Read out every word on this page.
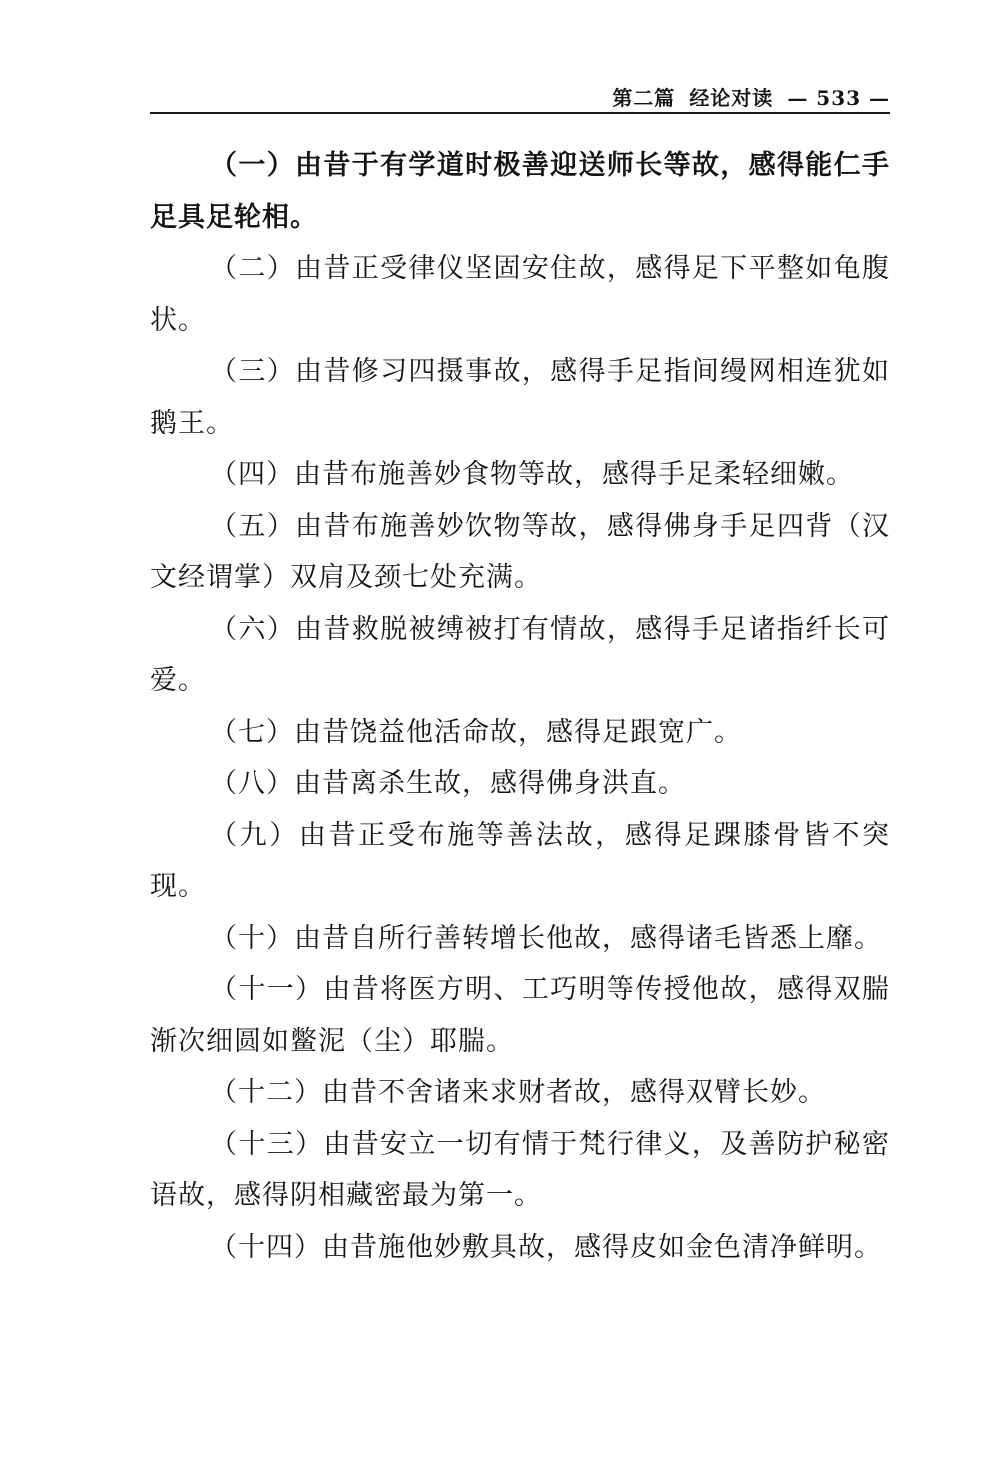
第二篇 经论对读 — 533 —

（一）由昔于有学道时极善迎送师长等故，感得能仁手足具足轮相。

（二）由昔正受律仪坚固安住故，感得足下平整如龟腹状。

（三）由昔修习四摄事故，感得手足指间缦网相连犹如鹅王。

（四）由昔布施善妙食物等故，感得手足柔轻细嫩。

（五）由昔布施善妙饮物等故，感得佛身手足四背（汉文经谓掌）双肩及颈七处充满。

（六）由昔救脱被缚被打有情故，感得手足诸指纤长可爱。

（七）由昔饶益他活命故，感得足跟宽广。

（八）由昔离杀生故，感得佛身洪直。

（九）由昔正受布施等善法故，感得足踝膝骨皆不突现。

（十）由昔自所行善转增长他故，感得诸毛皆悉上靡。

（十一）由昔将医方明、工巧明等传授他故，感得双腨渐次细圆如鳖泥（尘）耶腨。

（十二）由昔不舍诸来求财者故，感得双臂长妙。

（十三）由昔安立一切有情于梵行律义，及善防护秘密语故，感得阴相藏密最为第一。

（十四）由昔施他妙敷具故，感得皮如金色清净鲜明。
